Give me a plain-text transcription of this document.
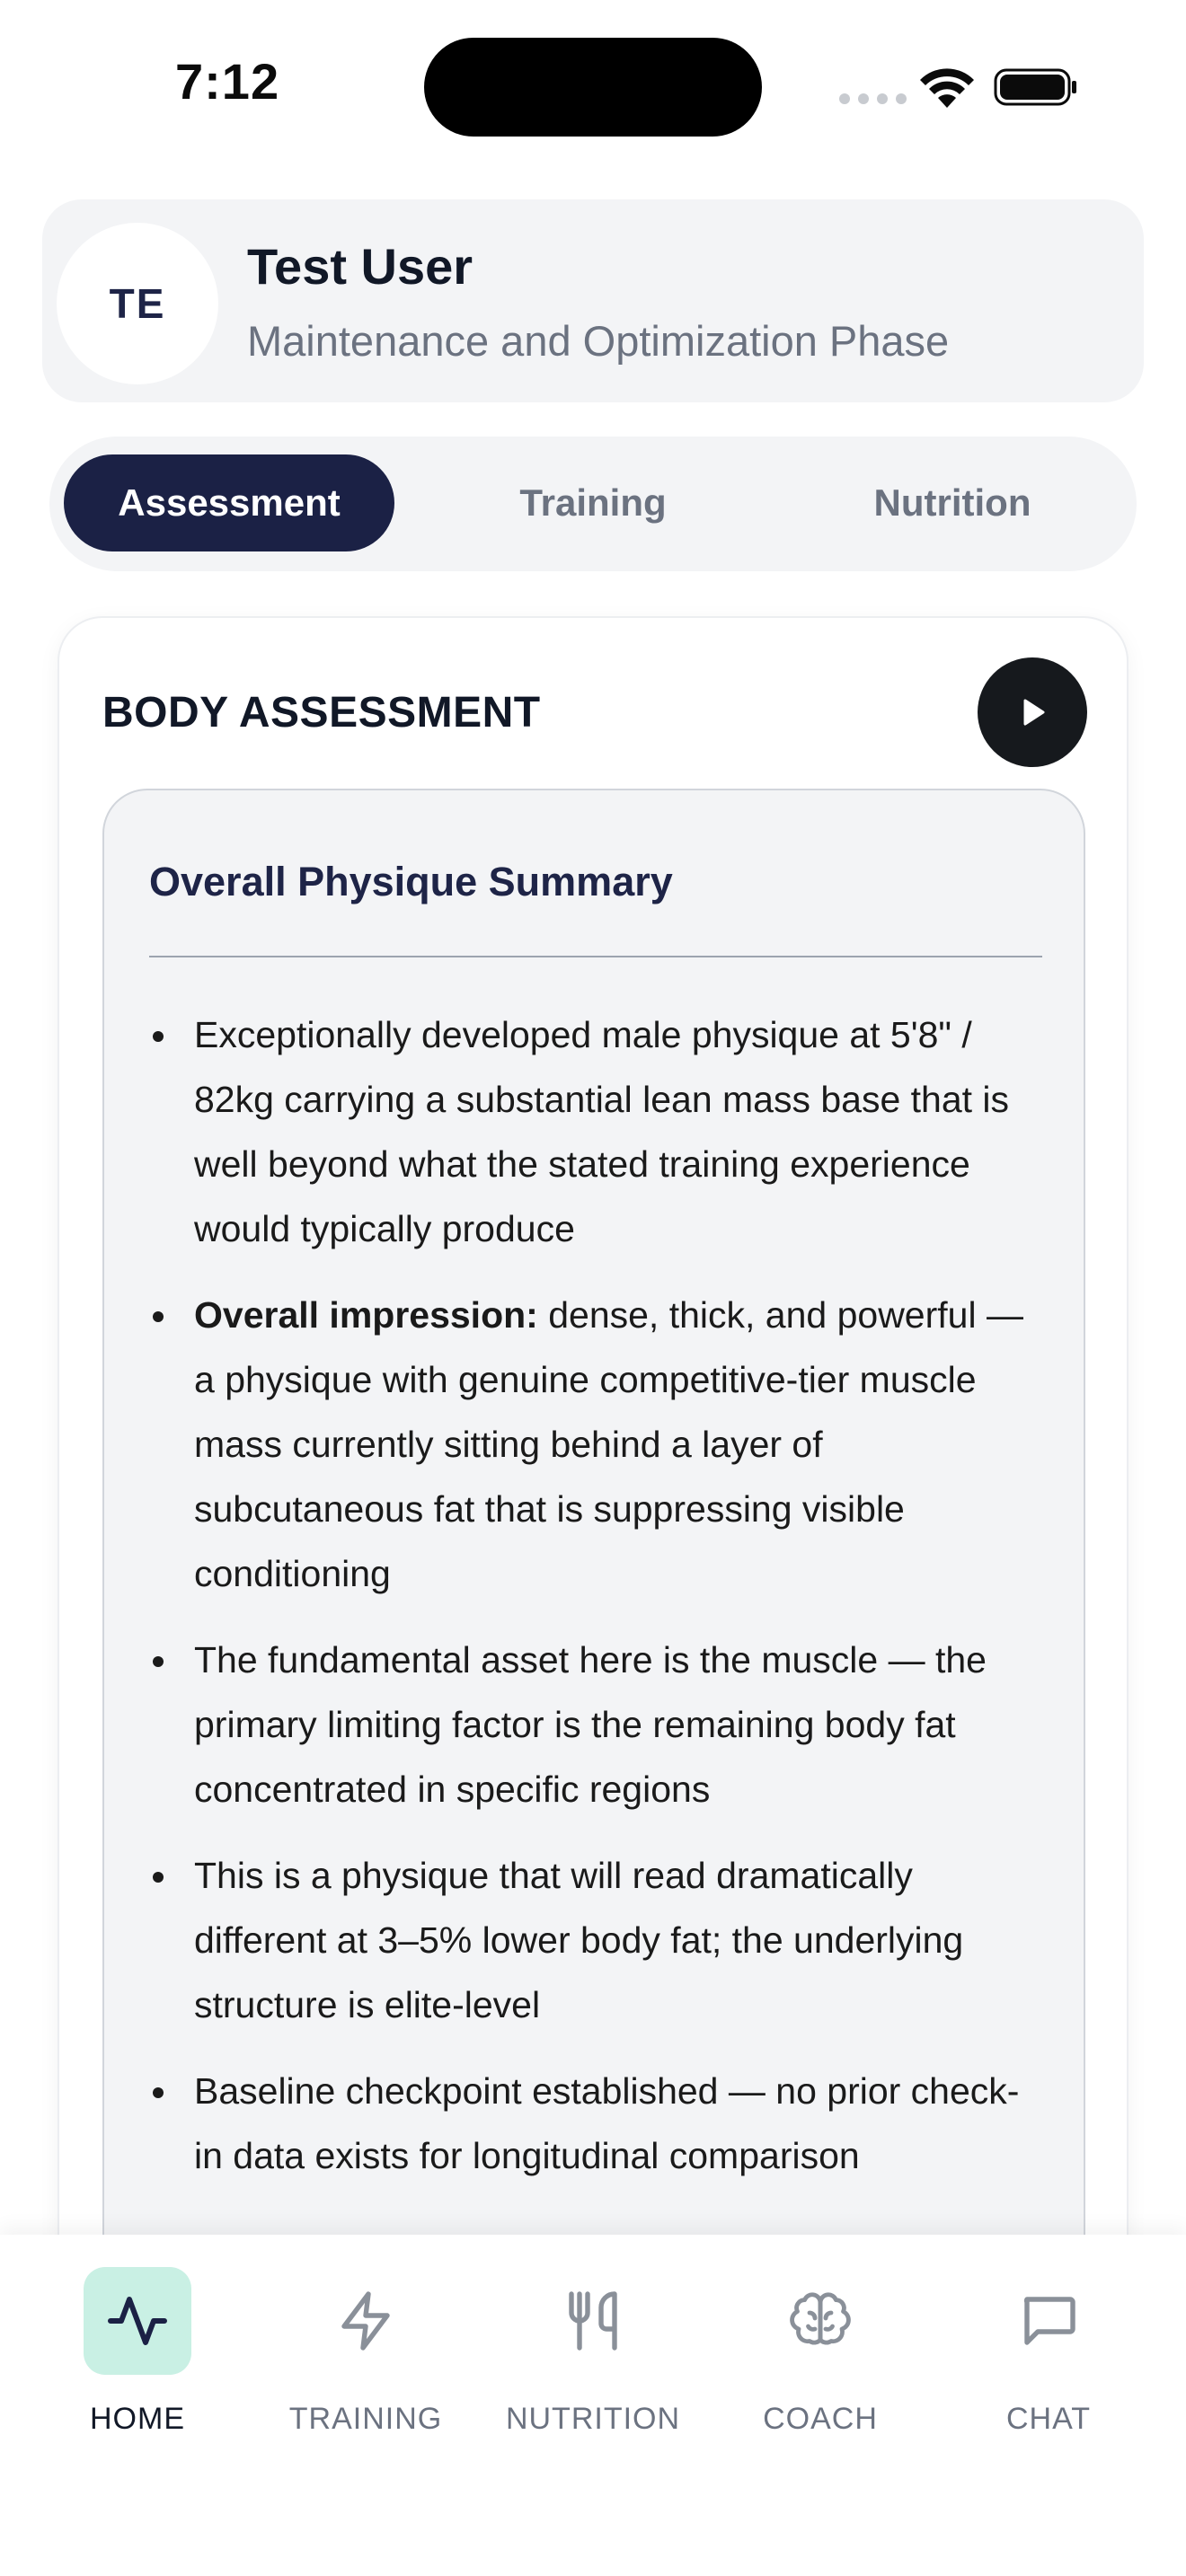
7:12
TE
Test User
Maintenance and Optimization Phase
Assessment	Training	Nutrition
BODY ASSESSMENT
Overall Physique Summary
Exceptionally developed male physique at 5'8" / 82kg carrying a substantial lean mass base that is well beyond what the stated training experience would typically produce
Overall impression: dense, thick, and powerful — a physique with genuine competitive-tier muscle mass currently sitting behind a layer of subcutaneous fat that is suppressing visible conditioning
The fundamental asset here is the muscle — the primary limiting factor is the remaining body fat concentrated in specific regions
This is a physique that will read dramatically different at 3–5% lower body fat; the underlying structure is elite-level
Baseline checkpoint established — no prior check-in data exists for longitudinal comparison
HOME	TRAINING	NUTRITION	COACH	CHAT
